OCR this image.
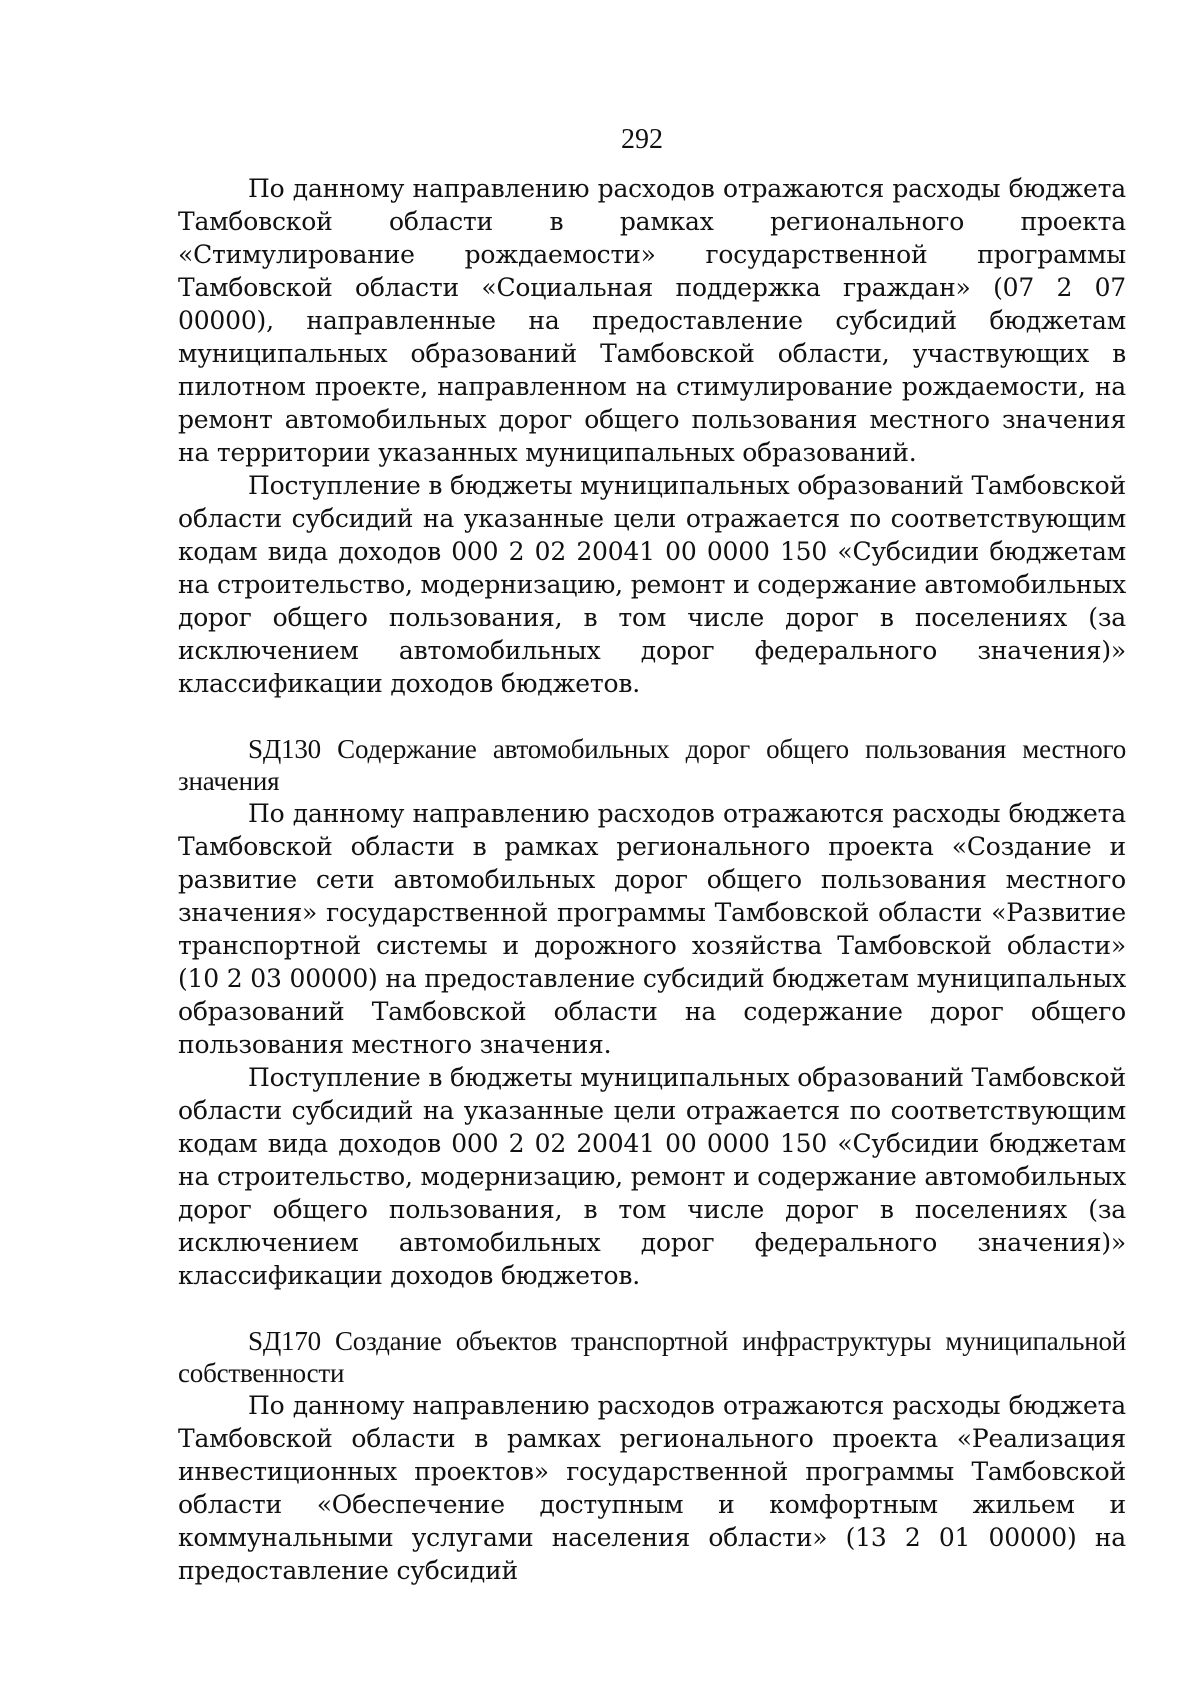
292

По данному направлению расходов отражаются расходы бюджета Тамбовской области в рамках регионального проекта «Стимулирование рождаемости» государственной программы Тамбовской области «Социальная поддержка граждан» (07 2 07 00000), направленные на предоставление субсидий бюджетам муниципальных образований Тамбовской области, участвующих в пилотном проекте, направленном на стимулирование рождаемости, на ремонт автомобильных дорог общего пользования местного значения на территории указанных муниципальных образований.

Поступление в бюджеты муниципальных образований Тамбовской области субсидий на указанные цели отражается по соответствующим кодам вида доходов 000 2 02 20041 00 0000 150 «Субсидии бюджетам на строительство, модернизацию, ремонт и содержание автомобильных дорог общего пользования, в том числе дорог в поселениях (за исключением автомобильных дорог федерального значения)» классификации доходов бюджетов.

SД130 Содержание автомобильных дорог общего пользования местного значения

По данному направлению расходов отражаются расходы бюджета Тамбовской области в рамках регионального проекта «Создание и развитие сети автомобильных дорог общего пользования местного значения» государственной программы Тамбовской области «Развитие транспортной системы и дорожного хозяйства Тамбовской области» (10 2 03 00000) на предоставление субсидий бюджетам муниципальных образований Тамбовской области на содержание дорог общего пользования местного значения.

Поступление в бюджеты муниципальных образований Тамбовской области субсидий на указанные цели отражается по соответствующим кодам вида доходов 000 2 02 20041 00 0000 150 «Субсидии бюджетам на строительство, модернизацию, ремонт и содержание автомобильных дорог общего пользования, в том числе дорог в поселениях (за исключением автомобильных дорог федерального значения)» классификации доходов бюджетов.

SД170 Создание объектов транспортной инфраструктуры муниципальной собственности

По данному направлению расходов отражаются расходы бюджета Тамбовской области в рамках регионального проекта «Реализация инвестиционных проектов» государственной программы Тамбовской области «Обеспечение доступным и комфортным жильем и коммунальными услугами населения области» (13 2 01 00000) на предоставление субсидий
